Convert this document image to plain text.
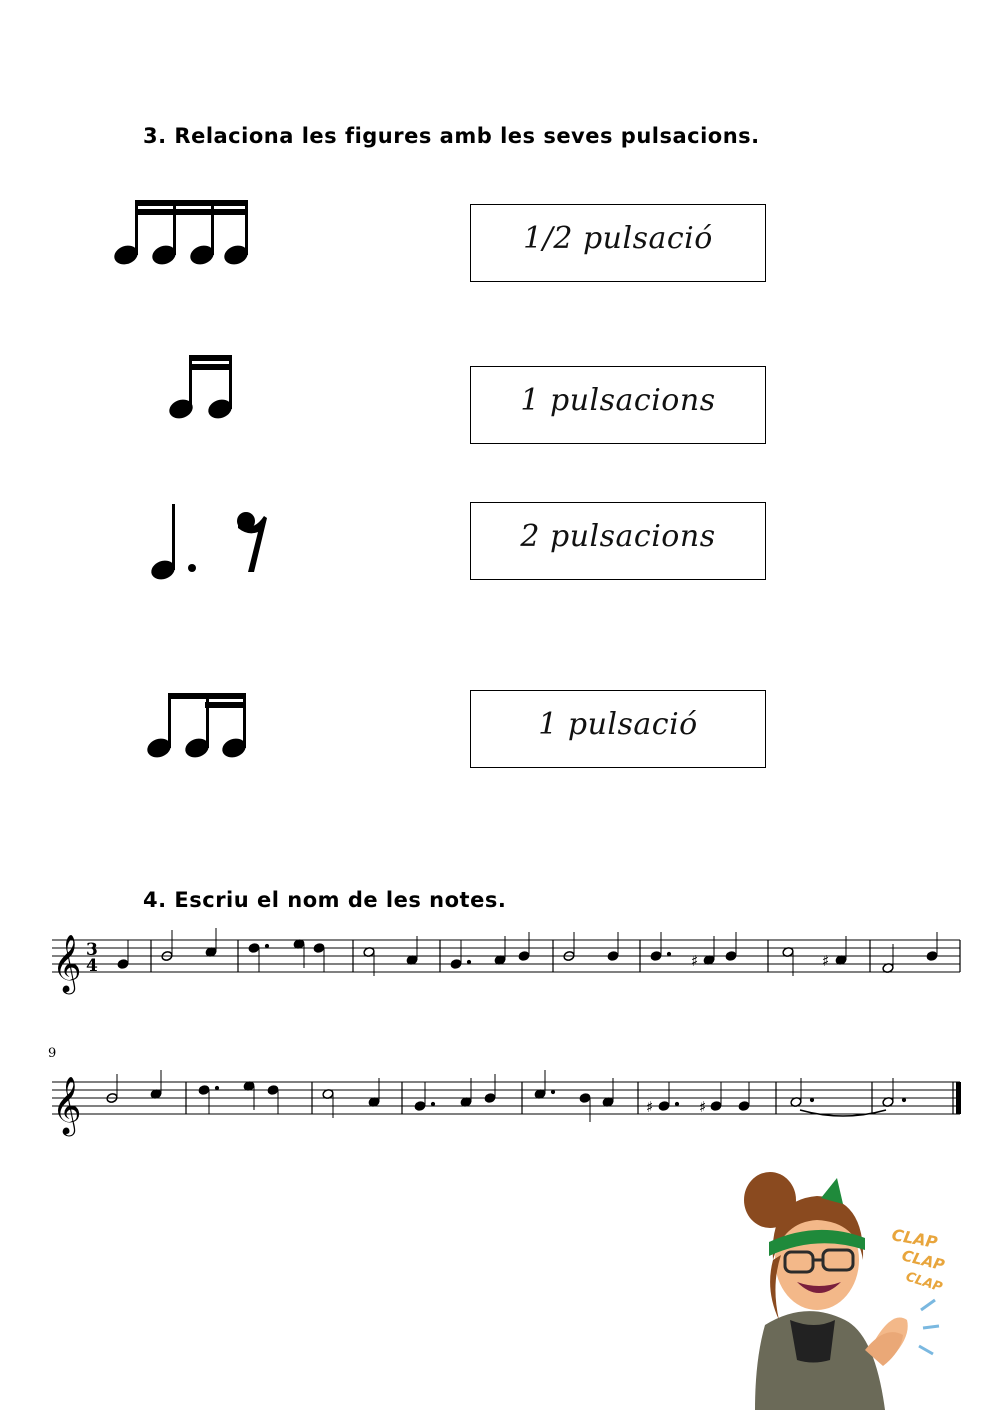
3. Relaciona les figures amb les seves pulsacions.
1/2 pulsació
1 pulsacions
2 pulsacions
1 pulsació
4. Escriu el nom de les notes.
𝄞 3
4	♯	♯
9
𝄞	♯	♯
CLAP
CLAP
CLAP
